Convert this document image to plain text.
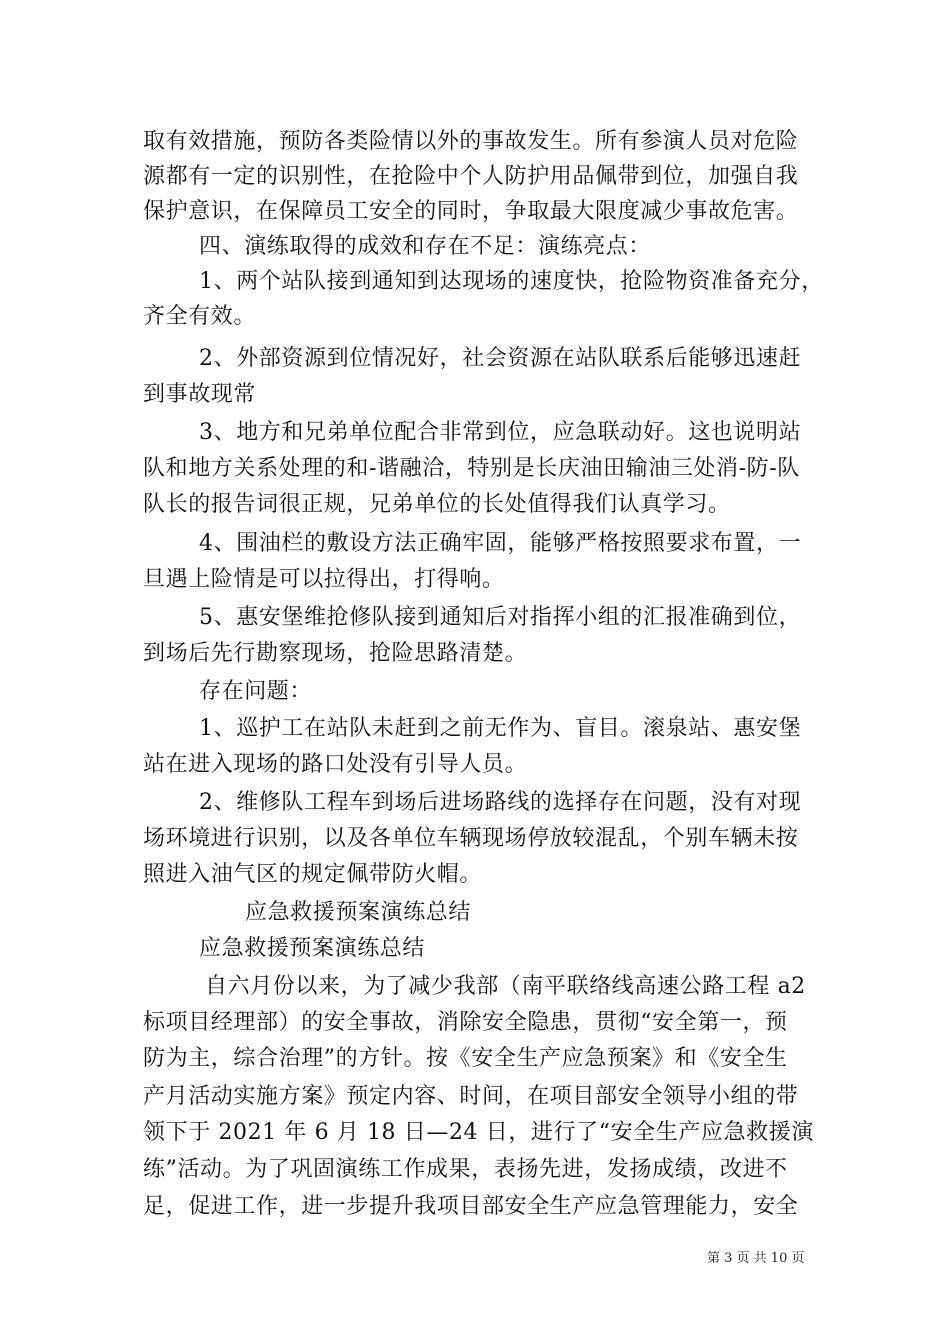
取有效措施，预防各类险情以外的事故发生。所有参演人员对危险
源都有一定的识别性，在抢险中个人防护用品佩带到位，加强自我
保护意识，在保障员工安全的同时，争取最大限度减少事故危害。
四、演练取得的成效和存在不足：演练亮点：
1、两个站队接到通知到达现场的速度快，抢险物资准备充分，
齐全有效。
2、外部资源到位情况好，社会资源在站队联系后能够迅速赶
到事故现常
3、地方和兄弟单位配合非常到位，应急联动好。这也说明站
队和地方关系处理的和-谐融洽，特别是长庆油田输油三处消-防-队
队长的报告词很正规，兄弟单位的长处值得我们认真学习。
4、围油栏的敷设方法正确牢固，能够严格按照要求布置，一
旦遇上险情是可以拉得出，打得响。
5、惠安堡维抢修队接到通知后对指挥小组的汇报准确到位，
到场后先行勘察现场，抢险思路清楚。
存在问题：
1、巡护工在站队未赶到之前无作为、盲目。滚泉站、惠安堡
站在进入现场的路口处没有引导人员。
2、维修队工程车到场后进场路线的选择存在问题，没有对现
场环境进行识别，以及各单位车辆现场停放较混乱，个别车辆未按
照进入油气区的规定佩带防火帽。
应急救援预案演练总结
应急救援预案演练总结
自六月份以来，为了减少我部（南平联络线高速公路工程 a2
标项目经理部）的安全事故，消除安全隐患，贯彻“安全第一，预
防为主，综合治理”的方针。按《安全生产应急预案》和《安全生
产月活动实施方案》预定内容、时间，在项目部安全领导小组的带
领下于 2021 年 6 月 18 日—24 日，进行了“安全生产应急救援演
练”活动。为了巩固演练工作成果，表扬先进，发扬成绩，改进不
足，促进工作，进一步提升我项目部安全生产应急管理能力，安全
第 3 页 共 10 页
